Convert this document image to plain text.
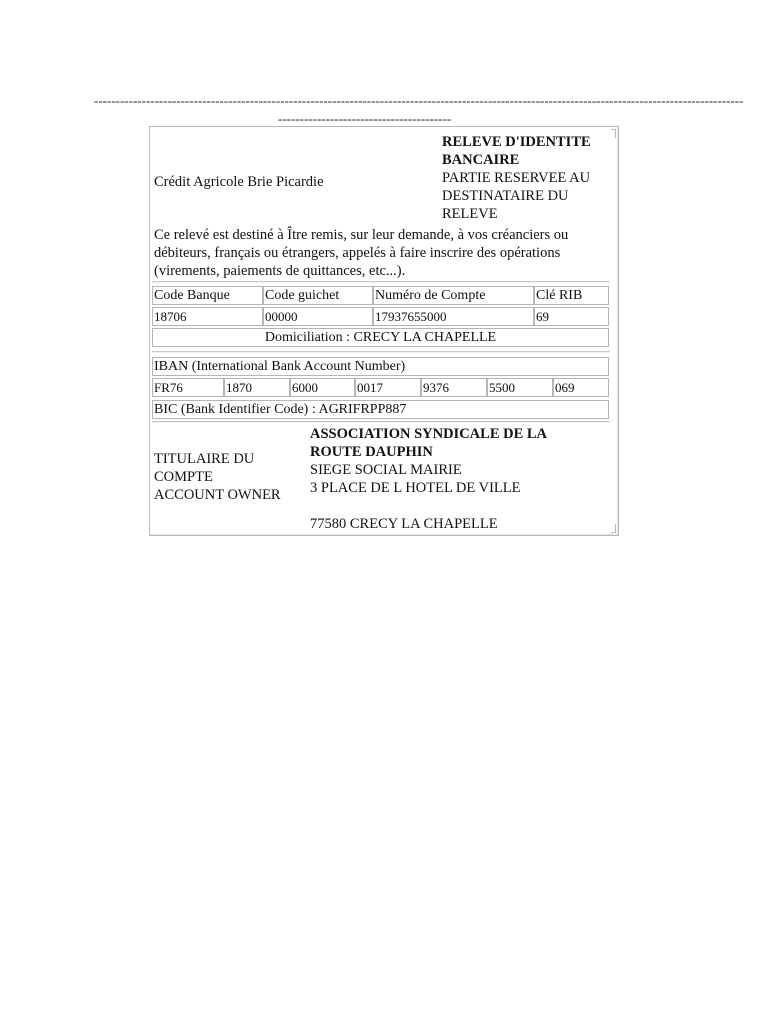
------------------------------------------------------------------------------------------------------------------------------------------------------
----------------------------------------
Crédit Agricole Brie Picardie
RELEVE D'IDENTITE
BANCAIRE
PARTIE RESERVEE AU
DESTINATAIRE DU
RELEVE
Ce relevé est destiné à Ître remis, sur leur demande, à vos créanciers ou
débiteurs, français ou étrangers, appelés à faire inscrire des opérations
(virements, paiements de quittances, etc...).
Code Banque	Code guichet	Numéro de Compte	Clé RIB
18706	00000	17937655000	69
Domiciliation : CRECY LA CHAPELLE
IBAN (International Bank Account Number)
FR76	1870	6000	0017	9376	5500	069
BIC (Bank Identifier Code) : AGRIFRPP887
TITULAIRE DU
COMPTE
ACCOUNT OWNER
ASSOCIATION SYNDICALE DE LA
ROUTE DAUPHIN
SIEGE SOCIAL MAIRIE
3 PLACE DE L HOTEL DE VILLE
77580 CRECY LA CHAPELLE
